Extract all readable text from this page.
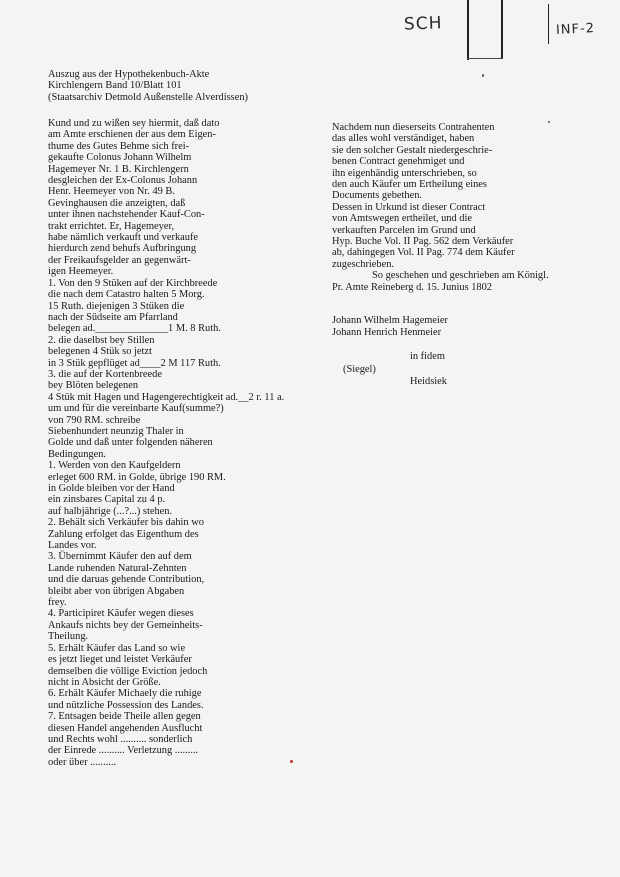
SCH	INF-2
Auszug aus der Hypothekenbuch-Akte
Kirchlengern Band 10/Blatt 101
(Staatsarchiv Detmold Außenstelle Alverdissen)
Kund und zu wißen sey hiermit, daß dato
am Amte erschienen der aus dem Eigen-
thume des Gutes Behme sich frei-
gekaufte Colonus Johann Wilhelm
Hagemeyer Nr. 1 B. Kirchlengern
desgleichen der Ex-Colonus Johann
Henr. Heemeyer von Nr. 49 B.
Gevinghausen die anzeigten, daß
unter ihnen nachstehender Kauf-Con-
trakt errichtet. Er, Hagemeyer,
habe nämlich verkauft und verkaufe
hierdurch zend behufs Aufbringung
der Freikaufsgelder an gegenwärt-
igen Heemeyer.
1. Von den 9 Stüken auf der Kirchbreede
die nach dem Catastro halten 5 Morg.
15 Ruth. diejenigen 3 Stüken die
nach der Südseite am Pfarrland
belegen ad.______________1 M. 8 Ruth.
2. die daselbst bey Stillen
belegenen 4 Stük so jetzt
in 3 Stük gepflüget ad____2 M 117 Ruth.
3. die auf der Kortenbreede
bey Blöten belegenen
4 Stük mit Hagen und Hagengerechtigkeit ad.__2 r. 11 a.
um und für die vereinbarte Kauf(summe?)
von 790 RM. schreibe
Siebenhundert neunzig Thaler in
Golde und daß unter folgenden näheren
Bedingungen.
1. Werden von den Kaufgeldern
erleget 600 RM. in Golde, übrige 190 RM.
in Golde bleiben vor der Hand
ein zinsbares Capital zu 4 p.
auf halbjährige (...?...) stehen.
2. Behält sich Verkäufer bis dahin wo
Zahlung erfolget das Eigenthum des
Landes vor.
3. Übernimmt Käufer den auf dem
Lande ruhenden Natural-Zehnten
und die daruas gehende Contribution,
bleibt aber von übrigen Abgaben
frey.
4. Participiret Käufer wegen dieses
Ankaufs nichts bey der Gemeinheits-
Theilung.
5. Erhält Käufer das Land so wie
es jetzt lieget und leistet Verkäufer
demselben die völlige Eviction jedoch
nicht in Absicht der Größe.
6. Erhält Käufer Michaely die ruhige
und nützliche Possession des Landes.
7. Entsagen beide Theile allen gegen
diesen Handel angehenden Ausflucht
und Rechts wohl .......... sonderlich
der Einrede .......... Verletzung .........
oder über ..........
Nachdem nun dieserseits Contrahenten
das alles wohl verständiget, haben
sie den solcher Gestalt niedergeschrie-
benen Contract genehmiget und
ihn eigenhändig unterschrieben, so
den auch Käufer um Ertheilung eines
Documents gebethen.
Dessen in Urkund ist dieser Contract
von Amtswegen ertheilet, und die
verkauften Parcelen im Grund und
Hyp. Buche Vol. II Pag. 562 dem Verkäufer
ab, dahingegen Vol. II Pag. 774 dem Käufer
zugeschrieben.
So geschehen und geschrieben am Königl.
Pr. Amte Reineberg d. 15. Junius 1802
Johann Wilhelm Hagemeier
Johann Henrich Henmeier
in fidem
(Siegel)
Heidsiek
